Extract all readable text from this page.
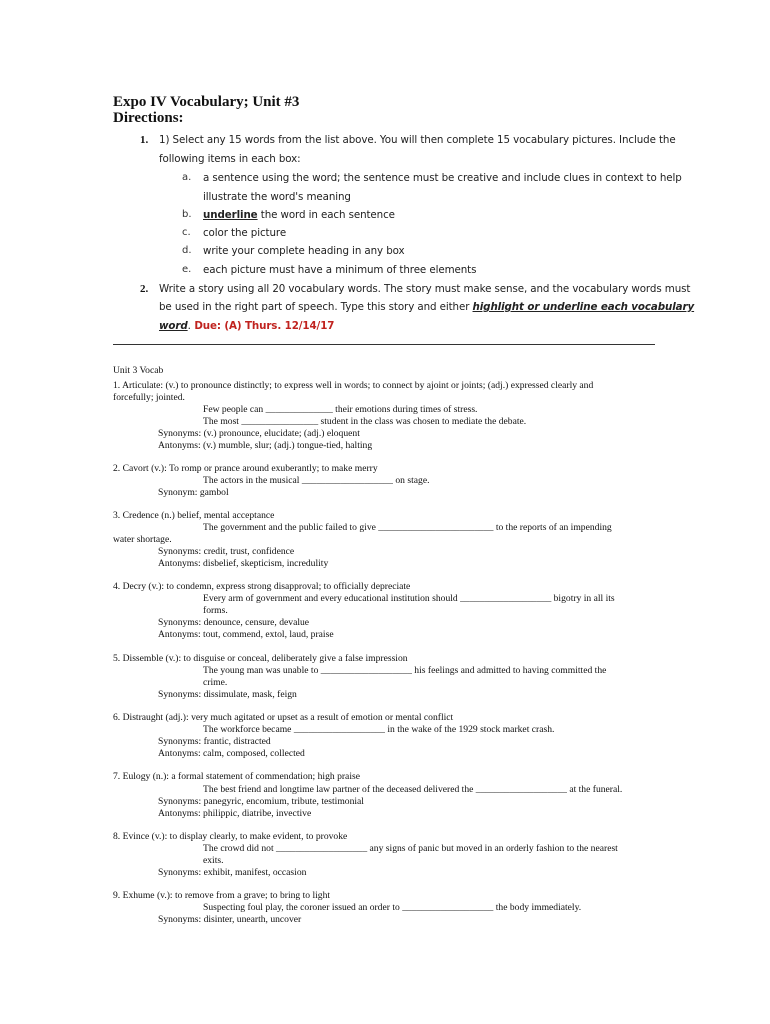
Expo IV Vocabulary; Unit #3
Directions:
1. 1) Select any 15 words from the list above. You will then complete 15 vocabulary pictures. Include the
following items in each box:
a. a sentence using the word; the sentence must be creative and include clues in context to help
illustrate the word's meaning
b. underline the word in each sentence
c. color the picture
d. write your complete heading in any box
e. each picture must have a minimum of three elements
2. Write a story using all 20 vocabulary words. The story must make sense, and the vocabulary words must
be used in the right part of speech. Type this story and either highlight or underline each vocabulary
word. Due: (A) Thurs. 12/14/17
Unit 3 Vocab
1. Articulate: (v.) to pronounce distinctly; to express well in words; to connect by ajoint or joints; (adj.) expressed clearly and
forcefully; jointed.
Few people can ______________ their emotions during times of stress.
The most ________________ student in the class was chosen to mediate the debate.
Synonyms: (v.) pronounce, elucidate; (adj.) eloquent
Antonyms: (v.) mumble, slur; (adj.) tongue-tied, halting
2. Cavort (v.): To romp or prance around exuberantly; to make merry
The actors in the musical ___________________ on stage.
Synonym: gambol
3. Credence (n.) belief, mental acceptance
The government and the public failed to give ________________________ to the reports of an impending
water shortage.
Synonyms: credit, trust, confidence
Antonyms: disbelief, skepticism, incredulity
4. Decry (v.): to condemn, express strong disapproval; to officially depreciate
Every arm of government and every educational institution should ___________________ bigotry in all its
forms.
Synonyms: denounce, censure, devalue
Antonyms: tout, commend, extol, laud, praise
5. Dissemble (v.): to disguise or conceal, deliberately give a false impression
The young man was unable to ___________________ his feelings and admitted to having committed the
crime.
Synonyms: dissimulate, mask, feign
6. Distraught (adj.): very much agitated or upset as a result of emotion or mental conflict
The workforce became ___________________ in the wake of the 1929 stock market crash.
Synonyms: frantic, distracted
Antonyms: calm, composed, collected
7. Eulogy (n.): a formal statement of commendation; high praise
The best friend and longtime law partner of the deceased delivered the ___________________ at the funeral.
Synonyms: panegyric, encomium, tribute, testimonial
Antonyms: philippic, diatribe, invective
8. Evince (v.): to display clearly, to make evident, to provoke
The crowd did not ___________________ any signs of panic but moved in an orderly fashion to the nearest
exits.
Synonyms: exhibit, manifest, occasion
9. Exhume (v.): to remove from a grave; to bring to light
Suspecting foul play, the coroner issued an order to ___________________ the body immediately.
Synonyms: disinter, unearth, uncover
